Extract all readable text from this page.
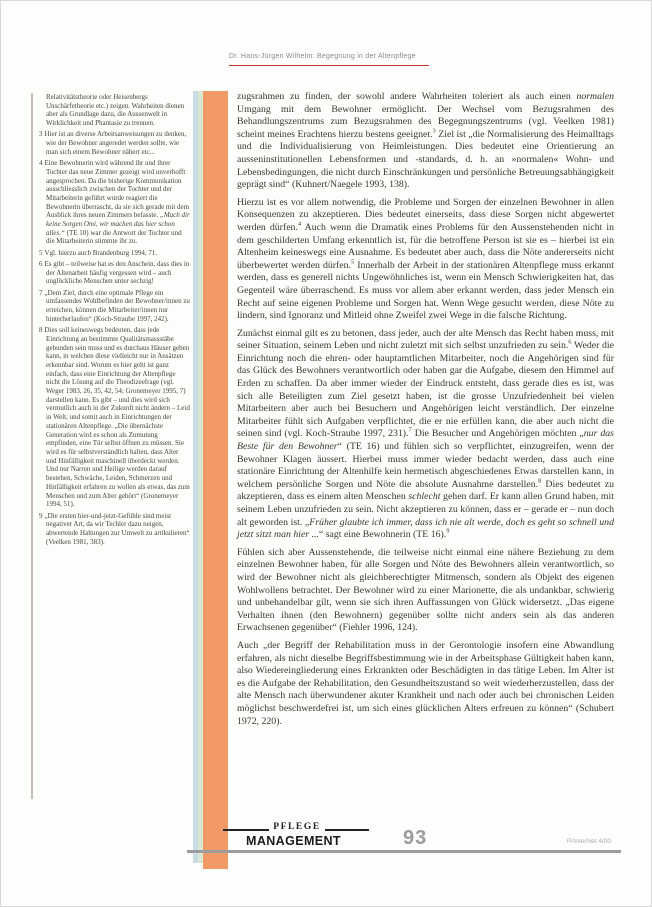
Dr. Hans-Jürgen Wilhelm: Begegnung in der Altenpflege
Relativitätstheorie oder Heisenbergs Unschärfetheorie etc.) zeigen. Wahrheiten dienen aber als Grundlage dazu, die Aussenwelt in Wirklichkeit und Phantasie zu trennen.
3 Hier ist an diverse Arbeitsanweisungen zu denken, wie der Bewohner angeredet werden sollte, wie man sich einem Bewohner nähert etc...
4 Eine Bewohnerin wird während ihr und ihrer Tochter das neue Zimmer gezeigt wird unverhofft angesprochen. Da die bisherige Kommunikation ausschliesslich zwischen der Tochter und der Mitarbeiterin geführt wurde reagiert die Bewohnerin überrascht, da sie sich gerade mit dem Ausblick ihres neuen Zimmers befasste. „Mach dir keine Sorgen Omi, wir machen das hier schon alles.“ (TE 10) war die Antwort der Tochter und die Mitarbeiterin stimmte ihr zu.
5 Vgl. hierzu auch Brandenburg 1994, 71.
6 Es gibt – teilweise hat es den Anschein, dass dies in der Altenarbeit häufig vergessen wird – auch unglückliche Menschen unter sechzig!
7 „Dem Ziel, durch eine optimale Pflege ein umfassendes Wohlbefinden der Bewohner/innen zu erreichen, können die Mitarbeiter/innen nur hinterherlaufen“ (Koch-Straube 1997, 242).
8 Dies soll keineswegs bedeuten, dass jede Einrichtung an bestimmte Qualitätsmassstäbe gebunden sein muss und es durchaus Häuser geben kann, in welchen diese vielleicht nur in Ansätzen erkennbar sind. Worum es hier geht ist ganz einfach, dass eine Einrichtung der Altenpflege nicht die Lösung auf die Theodizeefrage (vgl. Weger 1983, 26, 35, 42, 54; Gronemeyer 1995, 7) darstellen kann. Es gibt – und dies wird sich vermutlich auch in der Zukunft nicht ändern – Leid in Welt, und somit auch in Einrichtungen der stationären Altenpflege. „Die übernächste Generation wird es schon als Zumutung empfinden, eine Tür selbst öffnen zu müssen. Sie wird es für selbstverständlich halten, dass Alter und Hinfälligkeit maschinell überdeckt werden. Und nur Narren und Heilige werden darauf bestehen, Schwäche, Leiden, Schmerzen und Hinfälligkeit erfahren zu wollen als etwas, das zum Menschen und zum Alter gehört“ (Gronemeyer 1994, 51).
9 „Die ersten hier-und-jetzt-Gefühle sind meist negativer Art, da wir Techler dazu neigen, abwertende Haltungen zur Umwelt zu artikulieren“ (Veelken 1981, 383).

zugsrahmen zu finden, der sowohl andere Wahrheiten toleriert als auch einen normalen Umgang mit dem Bewohner ermöglicht. Der Wechsel vom Bezugsrahmen des Behandlungszentrums zum Bezugsrahmen des Begegnungszentrums (vgl. Veelken 1981) scheint meines Erachtens hierzu bestens geeignet.$^3$ Ziel ist „die Normalisierung des Heimalltags und die Individualisierung von Heimleistungen. Dies bedeutet eine Orientierung an ausseninstitutionellen Lebensformen und -standards, d. h. an »normalen« Wohn- und Lebensbedingungen, die nicht durch Einschränkungen und persönliche Betreuungsabhängigkeit geprägt sind“ (Kuhnert/Naegele 1993, 138).

Hierzu ist es vor allem notwendig, die Probleme und Sorgen der einzelnen Bewohner in allen Konsequenzen zu akzeptieren. Dies bedeutet einerseits, dass diese Sorgen nicht abgewertet werden dürfen.$^4$ Auch wenn die Dramatik eines Problems für den Aussenstehenden nicht in dem geschilderten Umfang erkenntlich ist, für die betroffene Person ist sie es – hierbei ist ein Altenheim keineswegs eine Ausnahme. Es bedeutet aber auch, dass die Nöte andererseits nicht überbewertet werden dürfen.$^5$ Innerhalb der Arbeit in der stationären Altenpflege muss erkannt werden, dass es generell nichts Ungewöhnliches ist, wenn ein Mensch Schwierigkeiten hat, das Gegenteil wäre überraschend. Es muss vor allem aber erkannt werden, dass jeder Mensch ein Recht auf seine eigenen Probleme und Sorgen hat. Wenn Wege gesucht werden, diese Nöte zu lindern, sind Ignoranz und Mitleid ohne Zweifel zwei Wege in die falsche Richtung.

Zunächst einmal gilt es zu betonen, dass jeder, auch der alte Mensch das Recht haben muss, mit seiner Situation, seinem Leben und nicht zuletzt mit sich selbst unzufrieden zu sein.$^6$ Weder die Einrichtung noch die ehren- oder hauptamtlichen Mitarbeiter, noch die Angehörigen sind für das Glück des Bewohners verantwortlich oder haben gar die Aufgabe, diesem den Himmel auf Erden zu schaffen. Da aber immer wieder der Eindruck entsteht, dass gerade dies es ist, was sich alle Beteiligten zum Ziel gesetzt haben, ist die grosse Unzufriedenheit bei vielen Mitarbeitern aber auch bei Besuchern und Angehörigen leicht verständlich. Der einzelne Mitarbeiter fühlt sich Aufgaben verpflichtet, die er nie erfüllen kann, die aber auch nicht die seinen sind (vgl. Koch-Straube 1997, 231).$^7$ Die Besucher und Angehörigen möchten „nur das Beste für den Bewohner“ (TE 16) und fühlen sich so verpflichtet, einzugreifen, wenn der Bewohner Klagen äussert. Hierbei muss immer wieder bedacht werden, dass auch eine stationäre Einrichtung der Altenhilfe kein hermetisch abgeschiedenes Etwas darstellen kann, in welchem persönliche Sorgen und Nöte die absolute Ausnahme darstellen.$^8$ Dies bedeutet zu akzeptieren, dass es einem alten Menschen schlecht gehen darf. Er kann allen Grund haben, mit seinem Leben unzufrieden zu sein. Nicht akzeptieren zu können, dass er – gerade er – nun doch alt geworden ist. „Früher glaubte ich immer, dass ich nie alt werde, doch es geht so schnell und jetzt sitzt man hier ...“ sagt eine Bewohnerin (TE 16).$^9$

Fühlen sich aber Aussenstehende, die teilweise nicht einmal eine nähere Beziehung zu dem einzelnen Bewohner haben, für alle Sorgen und Nöte des Bewohners allein verantwortlich, so wird der Bewohner nicht als gleichberechtigter Mitmensch, sondern als Objekt des eigenen Wohlwollens betrachtet. Der Bewohner wird zu einer Marionette, die als undankbar, schwierig und unbehandelbar gilt, wenn sie sich ihren Auffassungen von Glück widersetzt. „Das eigene Verhalten ihnen (den Bewohnern) gegenüber sollte nicht anders sein als das anderen Erwachsenen gegenüber“ (Fiehler 1996, 124).

Auch „der Begriff der Rehabilitation muss in der Gerontologie insofern eine Abwandlung erfahren, als nicht dieselbe Begriffsbestimmung wie in der Arbeitsphase Gültigkeit haben kann, also Wiedereingliederung eines Erkrankten oder Beschädigten in das tätige Leben. Im Alter ist es die Aufgabe der Rehabilitation, den Gesundheitszustand so weit wiederherzustellen, dass der alte Mensch nach überwundener akuter Krankheit und nach oder auch bei chronischen Leiden möglichst beschwerdefrei ist, um sich eines glücklichen Alters erfreuen zu können“ (Schubert 1972, 220).

PFLEGE
MANAGEMENT	93	PrInterNet 4/00
